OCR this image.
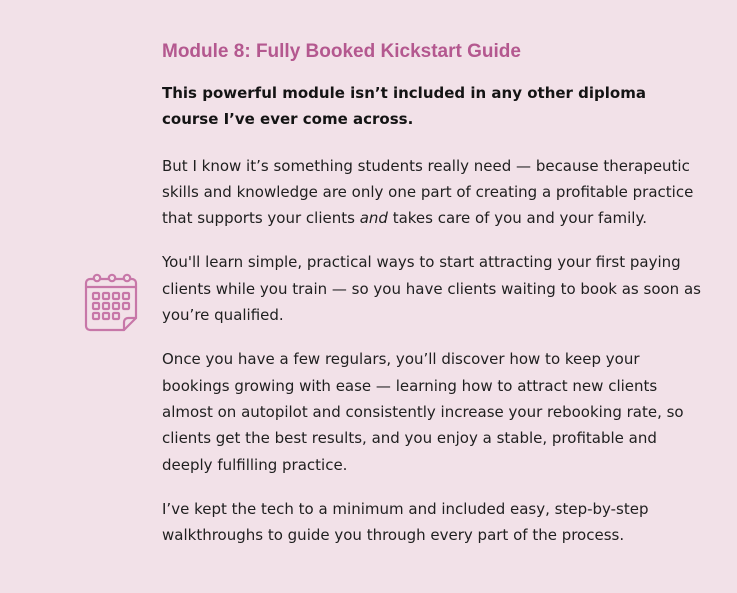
Module 8: Fully Booked Kickstart Guide

This powerful module isn’t included in any other diploma course I’ve ever come across.

But I know it’s something students really need — because therapeutic skills and knowledge are only one part of creating a profitable practice that supports your clients and takes care of you and your family.

You'll learn simple, practical ways to start attracting your first paying clients while you train — so you have clients waiting to book as soon as you’re qualified.

Once you have a few regulars, you’ll discover how to keep your bookings growing with ease — learning how to attract new clients almost on autopilot and consistently increase your rebooking rate, so clients get the best results, and you enjoy a stable, profitable and deeply fulfilling practice.

I’ve kept the tech to a minimum and included easy, step-by-step walkthroughs to guide you through every part of the process.
